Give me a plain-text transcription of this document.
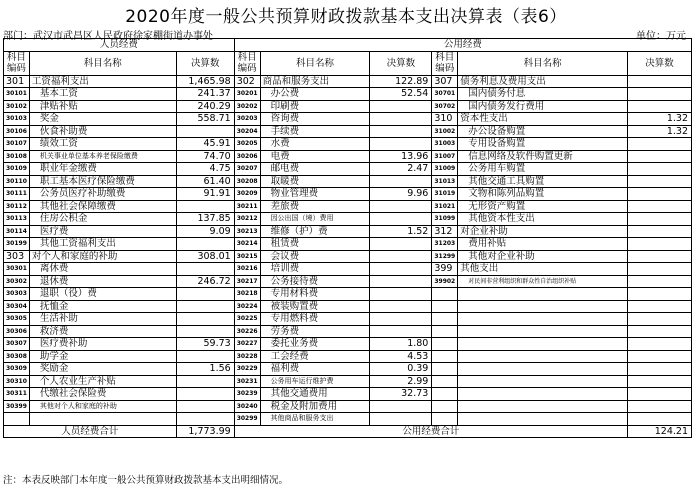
2020年度一般公共预算财政拨款基本支出决算表（表6）
部门：武汉市武昌区人民政府徐家棚街道办事处	单位：万元
人员经费			公用经费					
科目编码	科目名称	决算数	科目编码	科目名称	决算数	科目编码	科目名称	决算数
301	工资福利支出	1,465.98	302	商品和服务支出	122.89	307	债务利息及费用支出	
30101	基本工资	241.37	30201	办公费	52.54	30701	国内债务付息	
30102	津贴补贴	240.29	30202	印刷费		30702	国内债务发行费用	
30103	奖金	558.71	30203	咨询费		310	资本性支出	1.32
30106	伙食补助费		30204	手续费		31002	办公设备购置	1.32
30107	绩效工资	45.91	30205	水费		31003	专用设备购置	
30108	机关事业单位基本养老保险缴费	74.70	30206	电费	13.96	31007	信息网络及软件购置更新	
30109	职业年金缴费	4.75	30207	邮电费	2.47	31009	公务用车购置	
30110	职工基本医疗保险缴费	61.40	30208	取暖费		31013	其他交通工具购置	
30111	公务员医疗补助缴费	91.91	30209	物业管理费	9.96	31019	文物和陈列品购置	
30112	其他社会保障缴费		30211	差旅费		31021	无形资产购置	
30113	住房公积金	137.85	30212	因公出国（境）费用		31099	其他资本性支出	
30114	医疗费	9.09	30213	维修（护）费	1.52	312	对企业补助	
30199	其他工资福利支出		30214	租赁费		31203	费用补贴	
303	对个人和家庭的补助	308.01	30215	会议费		31299	其他对企业补助	
30301	离休费		30216	培训费		399	其他支出	
30302	退休费	246.72	30217	公务接待费		39902	对民间非营利组织和群众性自治组织补贴	
30303	退职（役）费		30218	专用材料费				
30304	抚恤金		30224	被装购置费				
30305	生活补助		30225	专用燃料费				
30306	救济费		30226	劳务费				
30307	医疗费补助	59.73	30227	委托业务费	1.80			
30308	助学金		30228	工会经费	4.53			
30309	奖励金	1.56	30229	福利费	0.39			
30310	个人农业生产补贴		30231	公务用车运行维护费	2.99			
30311	代缴社会保险费		30239	其他交通费用	32.73			
30399	其他对个人和家庭的补助		30240	税金及附加费用				
			30299	其他商品和服务支出				
人员经费合计		1,773.99	公用经费合计					124.21
注：本表反映部门本年度一般公共预算财政拨款基本支出明细情况。
